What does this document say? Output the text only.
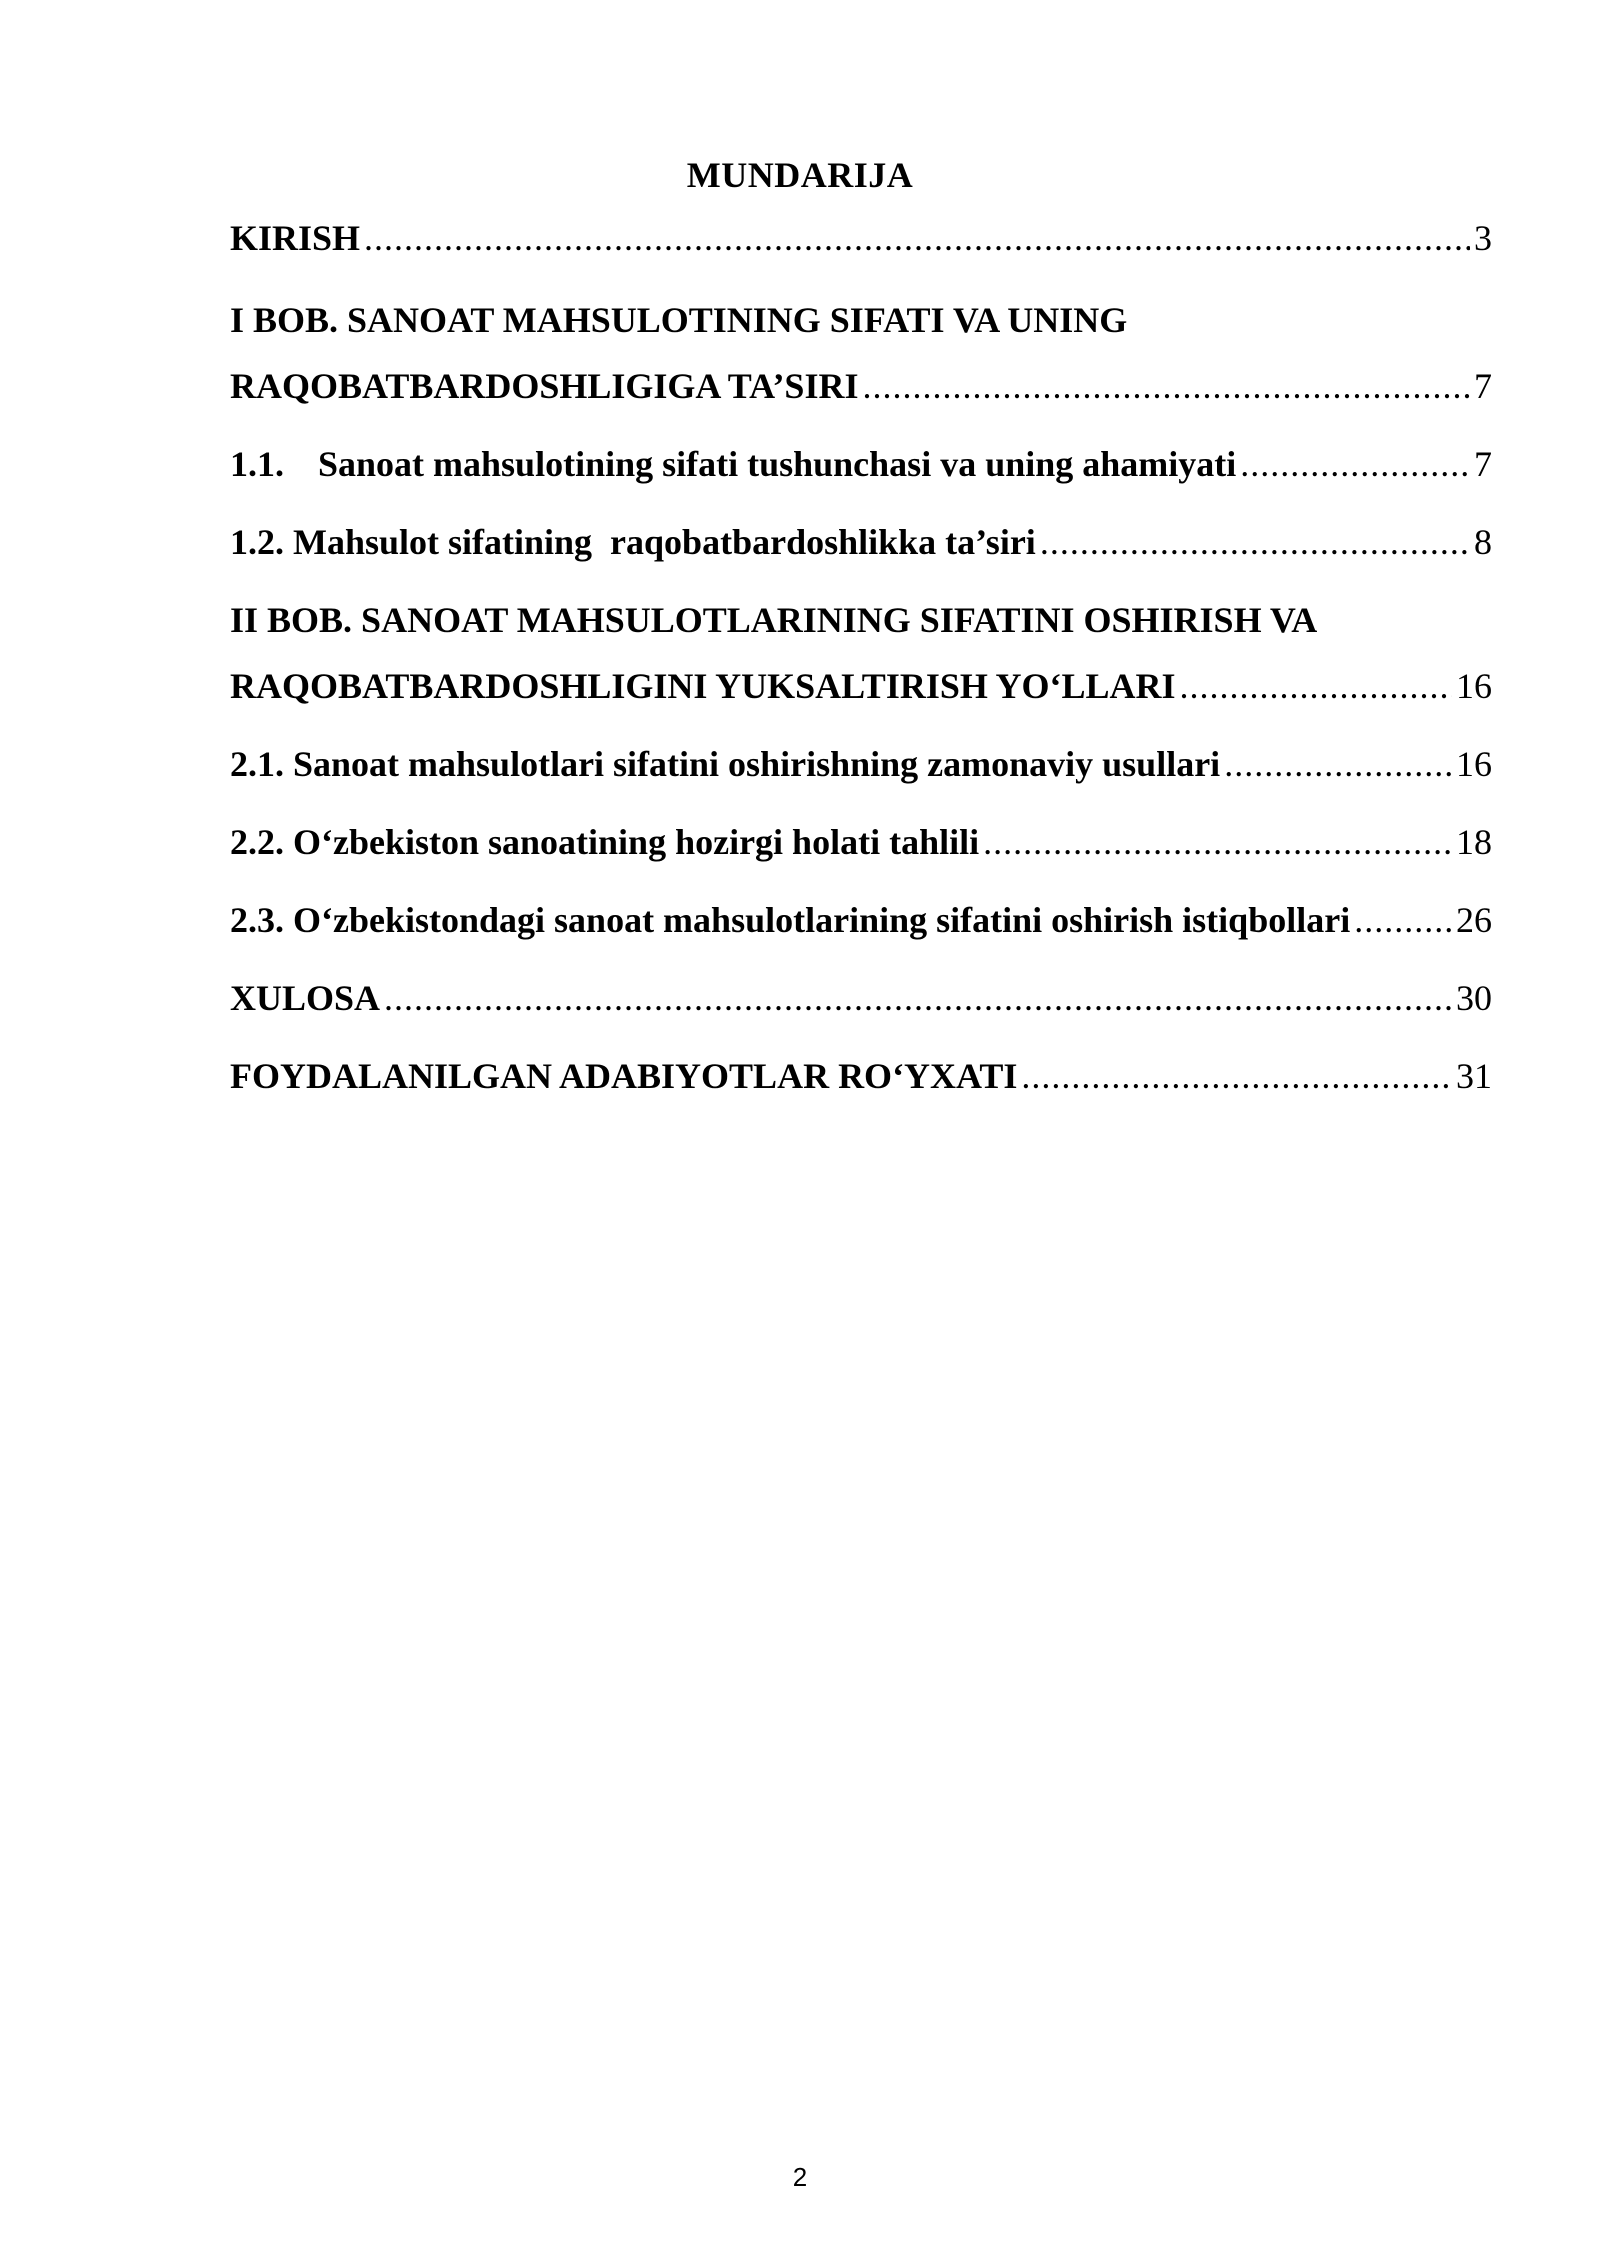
MUNDARIJA
KIRISH .....	3
I BOB. SANOAT MAHSULOTINING SIFATI VA UNING
RAQOBATBARDOSHLIGIGA TA’SIRI .....	7
1.1. Sanoat mahsulotining sifati tushunchasi va uning ahamiyati .....	7
1.2. Mahsulot sifatining  raqobatbardoshlikka ta’siri .....	8
II BOB. SANOAT MAHSULOTLARINING SIFATINI OSHIRISH VA
RAQOBATBARDOSHLIGINI YUKSALTIRISH YO‘LLARI .....	16
2.1. Sanoat mahsulotlari sifatini oshirishning zamonaviy usullari .....	16
2.2. O‘zbekiston sanoatining hozirgi holati tahlili .....	18
2.3. O‘zbekistondagi sanoat mahsulotlarining sifatini oshirish istiqbollari .....	26
XULOSA .....	30
FOYDALANILGAN ADABIYOTLAR RO‘YXATI .....	31
2
